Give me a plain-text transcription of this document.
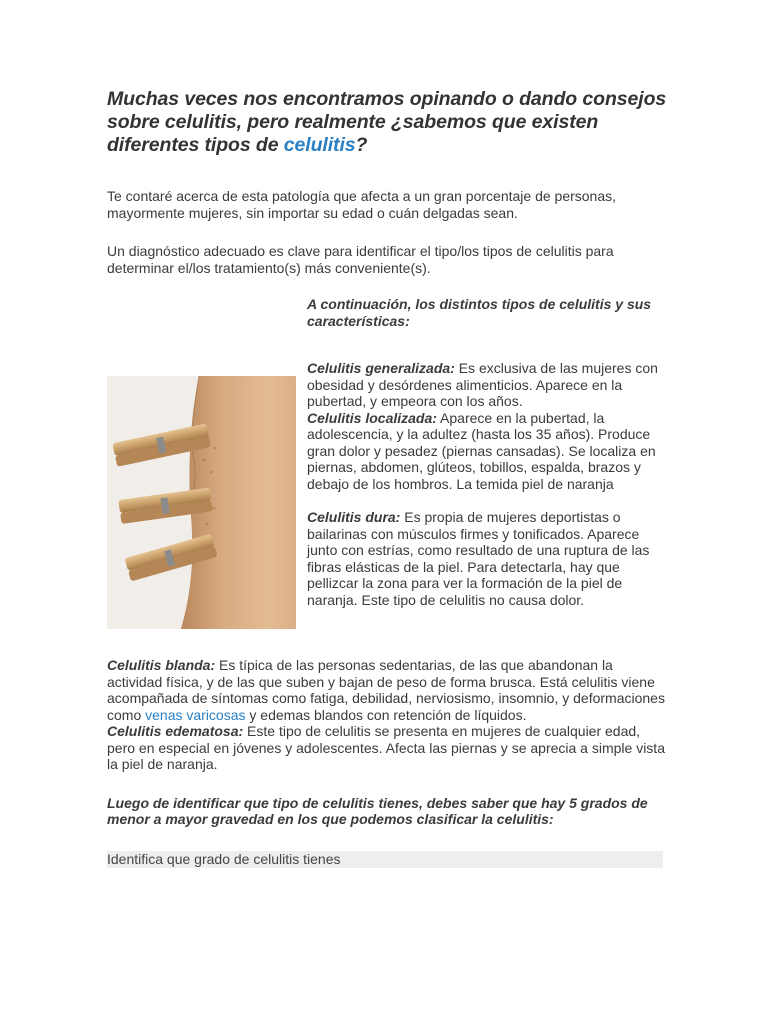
Muchas veces nos encontramos opinando o dando consejos sobre celulitis, pero realmente ¿sabemos que existen diferentes tipos de celulitis?

Te contaré acerca de esta patología que afecta a un gran porcentaje de personas, mayormente mujeres, sin importar su edad o cuán delgadas sean.

Un diagnóstico adecuado es clave para identificar el tipo/los tipos de celulitis para determinar el/los tratamiento(s) más conveniente(s).

A continuación, los distintos tipos de celulitis y sus características:

Celulitis generalizada: Es exclusiva de las mujeres con obesidad y desórdenes alimenticios. Aparece en la pubertad, y empeora con los años.

Celulitis localizada: Aparece en la pubertad, la adolescencia, y la adultez (hasta los 35 años). Produce gran dolor y pesadez (piernas cansadas). Se localiza en piernas, abdomen, glúteos, tobillos, espalda, brazos y debajo de los hombros. La temida piel de naranja

Celulitis dura: Es propia de mujeres deportistas o bailarinas con músculos firmes y tonificados. Aparece junto con estrías, como resultado de una ruptura de las fibras elásticas de la piel. Para detectarla, hay que pellizcar la zona para ver la formación de la piel de naranja. Este tipo de celulitis no causa dolor.

Celulitis blanda: Es típica de las personas sedentarias, de las que abandonan la actividad física, y de las que suben y bajan de peso de forma brusca. Está celulitis viene acompañada de síntomas como fatiga, debilidad, nerviosismo, insomnio, y deformaciones como venas varicosas y edemas blandos con retención de líquidos.

Celulitis edematosa: Este tipo de celulitis se presenta en mujeres de cualquier edad, pero en especial en jóvenes y adolescentes. Afecta las piernas y se aprecia a simple vista la piel de naranja.

Luego de identificar que tipo de celulitis tienes, debes saber que hay 5 grados de menor a mayor gravedad en los que podemos clasificar la celulitis:

Identifica que grado de celulitis tienes
